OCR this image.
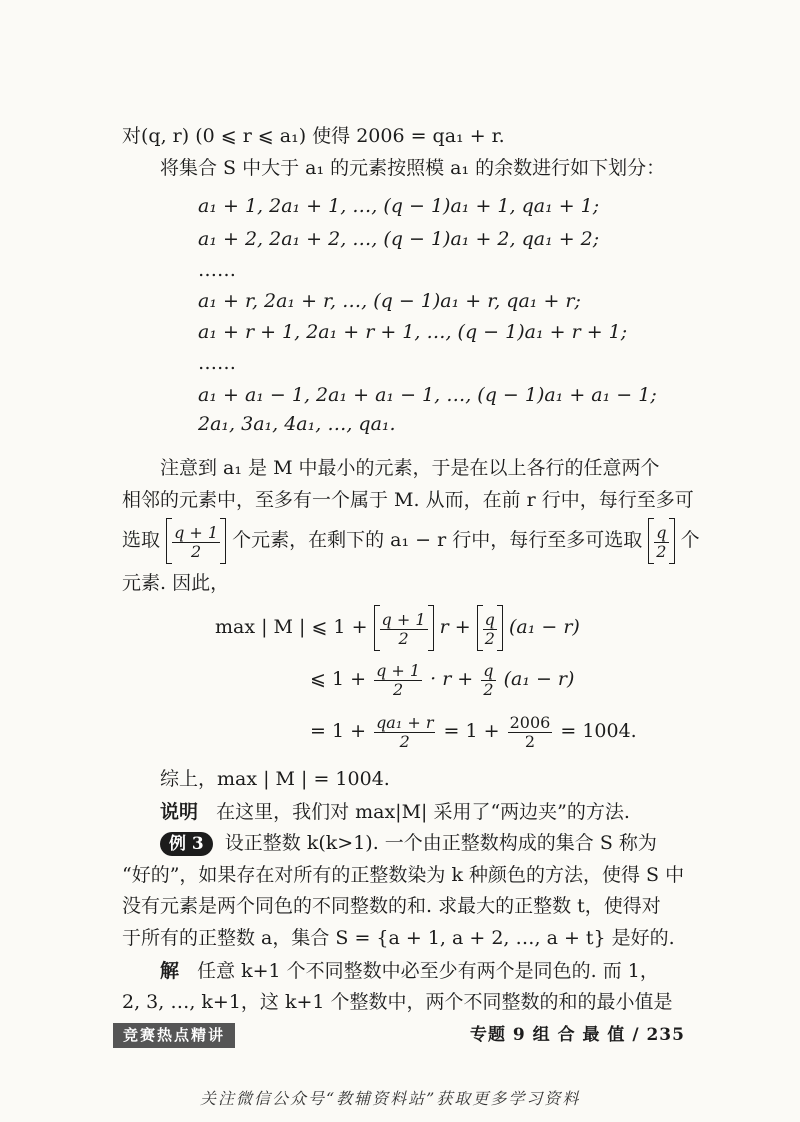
对(q, r) (0 ⩽ r ⩽ a₁) 使得 2006 = qa₁ + r.
将集合 S 中大于 a₁ 的元素按照模 a₁ 的余数进行如下划分：
a₁ + 1, 2a₁ + 1, …, (q − 1)a₁ + 1, qa₁ + 1;
a₁ + 2, 2a₁ + 2, …, (q − 1)a₁ + 2, qa₁ + 2;
……
a₁ + r, 2a₁ + r, …, (q − 1)a₁ + r, qa₁ + r;
a₁ + r + 1, 2a₁ + r + 1, …, (q − 1)a₁ + r + 1;
……
a₁ + a₁ − 1, 2a₁ + a₁ − 1, …, (q − 1)a₁ + a₁ − 1;
2a₁, 3a₁, 4a₁, …, qa₁.
注意到 a₁ 是 M 中最小的元素，于是在以上各行的任意两个
相邻的元素中，至多有一个属于 M. 从而，在前 r 行中，每行至多可
选取 $\frac{q + 1}{2}$ 个元素，在剩下的 a₁ − r 行中，每行至多可选取 $\frac{q}{2}$ 个
元素. 因此，
max | M | ⩽ $1 + \frac{q + 1}{2}$ $r + \frac{q}{2} (a_1 - r)$
⩽ $1 + \frac{q + 1}{2} \cdot r + \frac{q}{2} (a_1 - r)$
= $1 + \frac{\text{qa₁ + r}}{2} = 1 + \frac{2006}{2} = 1004$.
综上，max | M | = 1004.
说明 在这里，我们对 max|M| 采用了“两边夹”的方法.
例 3 设正整数 k(k>1). 一个由正整数构成的集合 S 称为
“好的”，如果存在对所有的正整数染为 k 种颜色的方法，使得 S 中
没有元素是两个同色的不同整数的和. 求最大的正整数 t，使得对
于所有的正整数 a，集合 S = {a + 1, a + 2, …, a + t} 是好的.
解 任意 k+1 个不同整数中必至少有两个是同色的. 而 1，
2, 3, …, k+1，这 k+1 个整数中，两个不同整数的和的最小值是
竞赛热点精讲	专题 9 组 合 最 值 / 235
关注微信公众号“教辅资料站”获取更多学习资料
